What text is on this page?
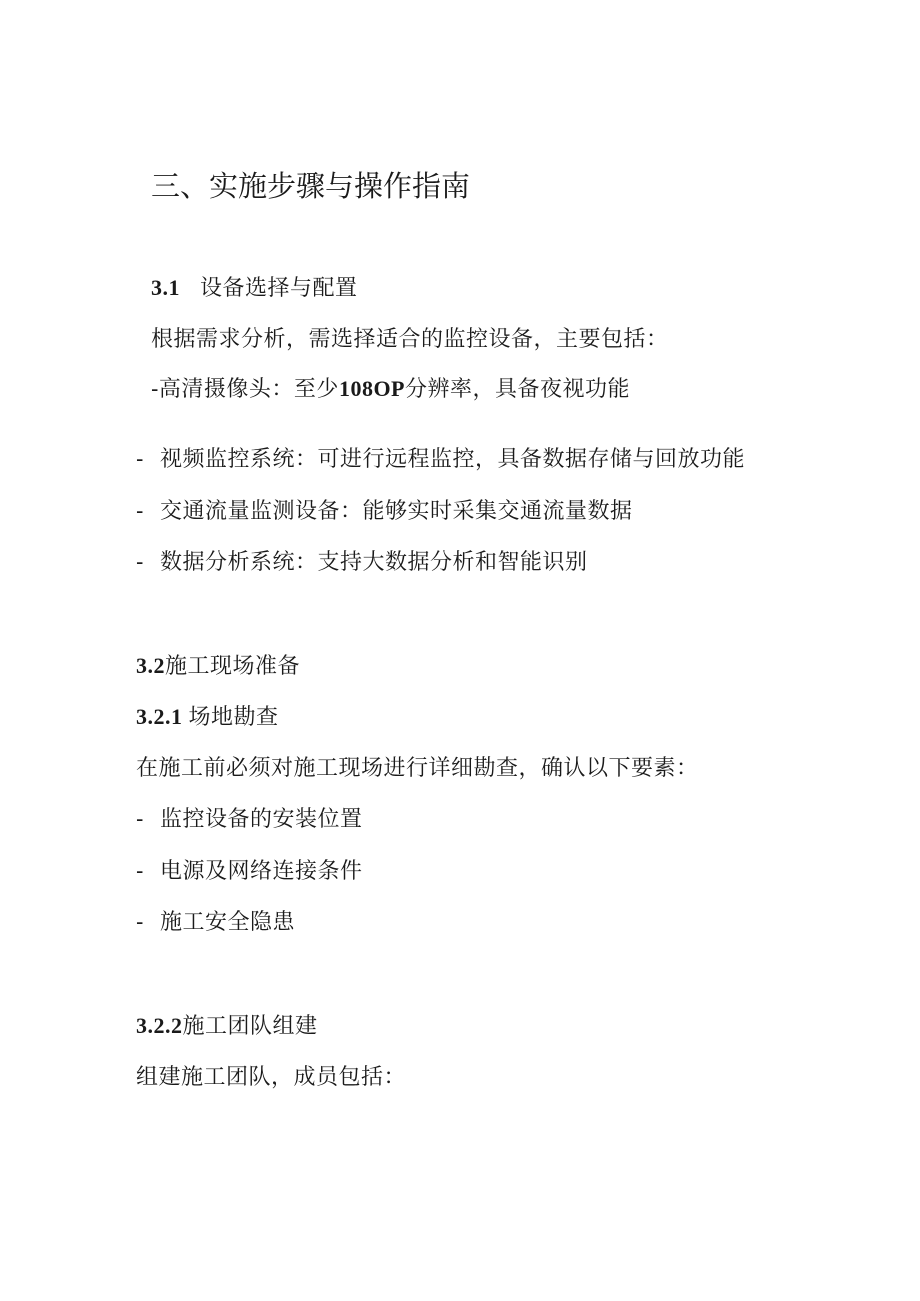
三、实施步骤与操作指南
3.1 设备选择与配置
根据需求分析，需选择适合的监控设备，主要包括：
-高清摄像头：至少108OP分辨率，具备夜视功能
- 视频监控系统：可进行远程监控，具备数据存储与回放功能
- 交通流量监测设备：能够实时采集交通流量数据
- 数据分析系统：支持大数据分析和智能识别
3.2施工现场准备
3.2.1 场地勘查
在施工前必须对施工现场进行详细勘查，确认以下要素：
- 监控设备的安装位置
- 电源及网络连接条件
- 施工安全隐患
3.2.2施工团队组建
组建施工团队，成员包括：
